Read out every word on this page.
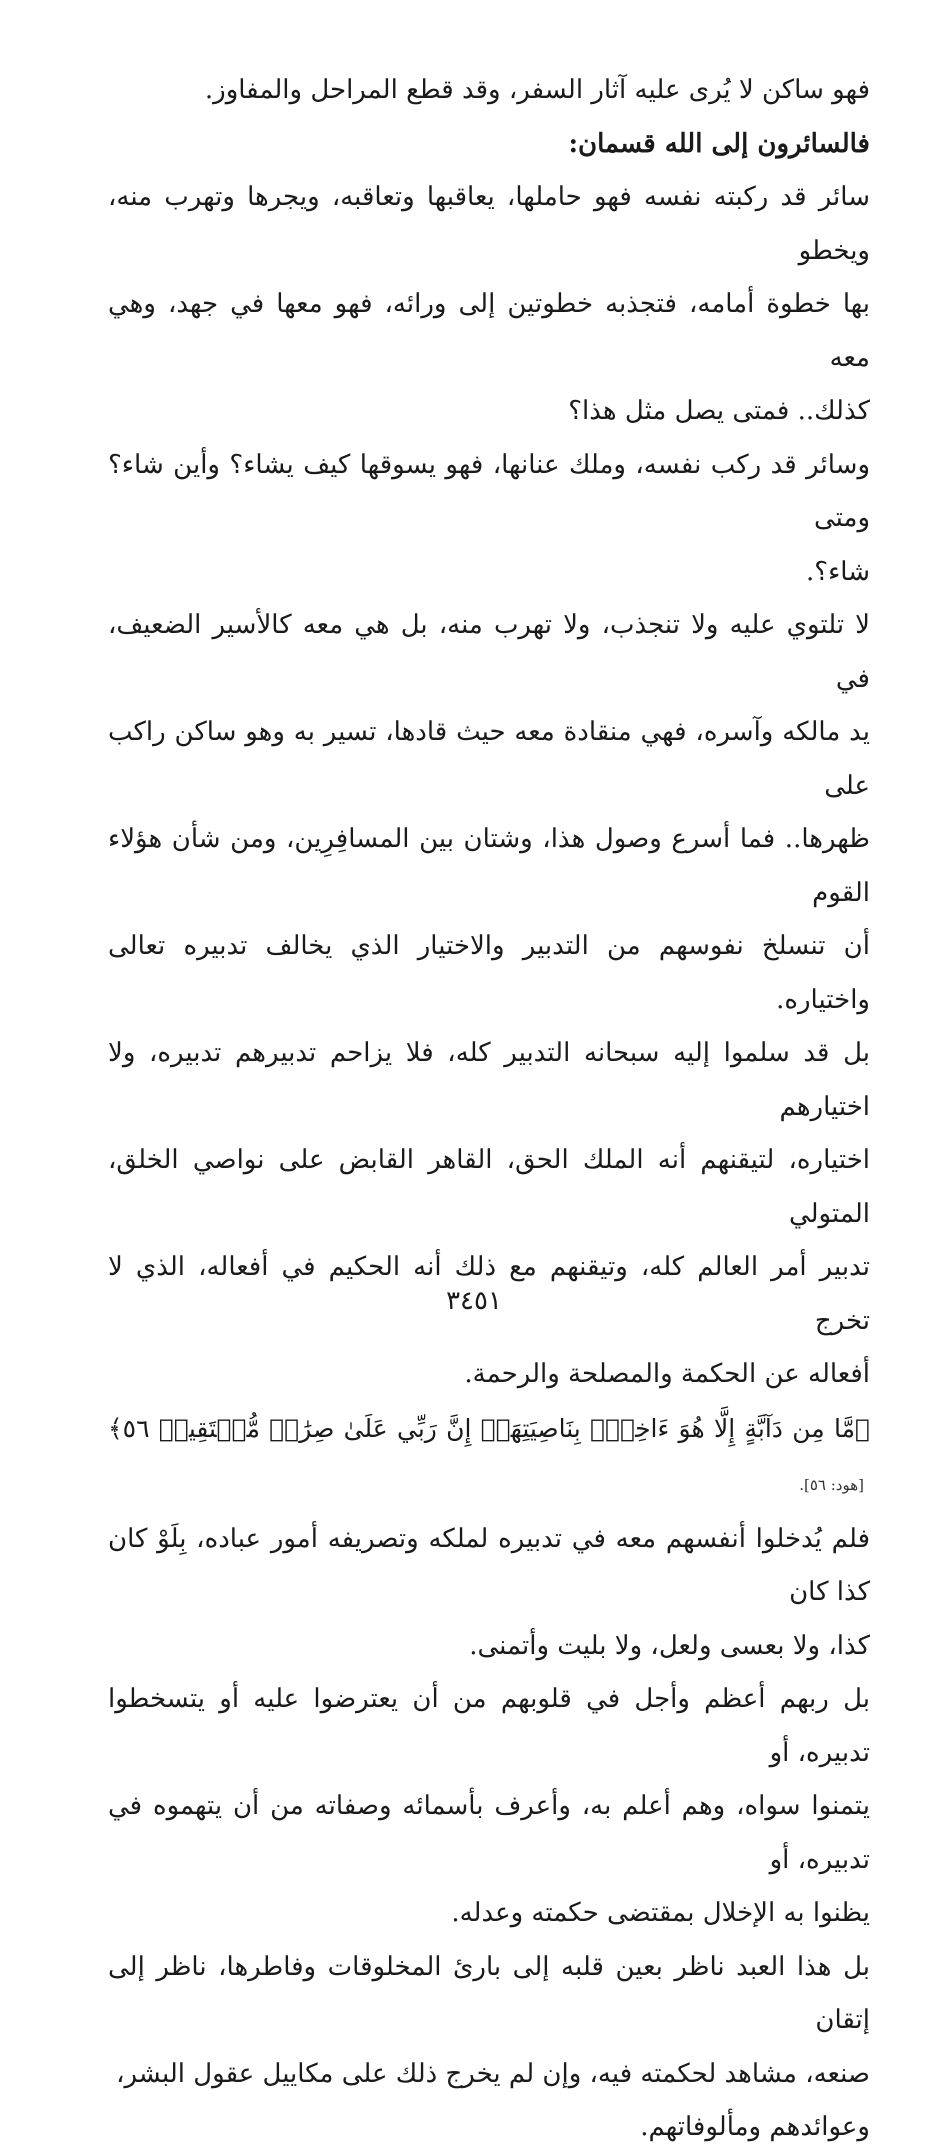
فهو ساكن لا يُرى عليه آثار السفر، وقد قطع المراحل والمفاوز.
فالسائرون إلى الله قسمان:
سائر قد ركبته نفسه فهو حاملها، يعاقبها وتعاقبه، ويجرها وتهرب منه، ويخطو
بها خطوة أمامه، فتجذبه خطوتين إلى ورائه، فهو معها في جهد، وهي معه
كذلك.. فمتى يصل مثل هذا؟
وسائر قد ركب نفسه، وملك عنانها، فهو يسوقها كيف يشاء؟ وأين شاء؟ ومتى
شاء؟.
لا تلتوي عليه ولا تنجذب، ولا تهرب منه، بل هي معه كالأسير الضعيف، في
يد مالكه وآسره، فهي منقادة معه حيث قادها، تسير به وهو ساكن راكب على
ظهرها.. فما أسرع وصول هذا، وشتان بين المسافِرِين، ومن شأن هؤلاء القوم
أن تنسلخ نفوسهم من التدبير والاختيار الذي يخالف تدبيره تعالى واختياره.
بل قد سلموا إليه سبحانه التدبير كله، فلا يزاحم تدبيرهم تدبيره، ولا اختيارهم
اختياره، لتيقنهم أنه الملك الحق، القاهر القابض على نواصي الخلق، المتولي
تدبير أمر العالم كله، وتيقنهم مع ذلك أنه الحكيم في أفعاله، الذي لا تخرج
أفعاله عن الحكمة والمصلحة والرحمة.
﴿مَّا مِن دَآبَّةٍ إِلَّا هُوَ ءَاخِذُۢ بِنَاصِيَتِهَآۚ إِنَّ رَبِّي عَلَىٰ صِرَٰطٖ مُّسۡتَقِيمٖ ٥٦﴾ [هود: ٥٦].
فلم يُدخلوا أنفسهم معه في تدبيره لملكه وتصريفه أمور عباده، بِلَوْ كان كذا كان
كذا، ولا بعسى ولعل، ولا بليت وأتمنى.
بل ربهم أعظم وأجل في قلوبهم من أن يعترضوا عليه أو يتسخطوا تدبيره، أو
يتمنوا سواه، وهم أعلم به، وأعرف بأسمائه وصفاته من أن يتهموه في تدبيره، أو
يظنوا به الإخلال بمقتضى حكمته وعدله.
بل هذا العبد ناظر بعين قلبه إلى بارئ المخلوقات وفاطرها، ناظر إلى إتقان
صنعه، مشاهد لحكمته فيه، وإن لم يخرج ذلك على مكاييل عقول البشر،
وعوائدهم ومألوفاتهم.
٣٤٥١
